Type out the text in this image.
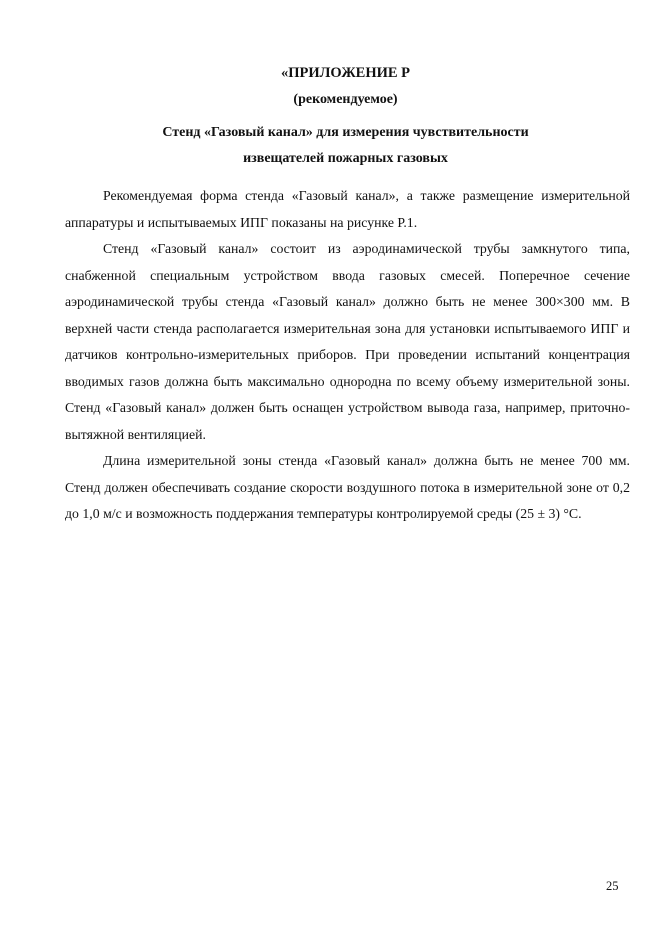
«ПРИЛОЖЕНИЕ Р
(рекомендуемое)
Стенд «Газовый канал» для измерения чувствительности
извещателей пожарных газовых

Рекомендуемая форма стенда «Газовый канал», а также размещение измерительной аппаратуры и испытываемых ИПГ показаны на рисунке Р.1.

Стенд «Газовый канал» состоит из аэродинамической трубы замкнутого типа, снабженной специальным устройством ввода газовых смесей. Поперечное сечение аэродинамической трубы стенда «Газовый канал» должно быть не менее 300×300 мм. В верхней части стенда располагается измерительная зона для установки испытываемого ИПГ и датчиков контрольно-измерительных приборов. При проведении испытаний концентрация вводимых газов должна быть максимально однородна по всему объему измерительной зоны. Стенд «Газовый канал» должен быть оснащен устройством вывода газа, например, приточно-вытяжной вентиляцией.

Длина измерительной зоны стенда «Газовый канал» должна быть не менее 700 мм. Стенд должен обеспечивать создание скорости воздушного потока в измерительной зоне от 0,2 до 1,0 м/с и возможность поддержания температуры контролируемой среды (25 ± 3) °С.

25
